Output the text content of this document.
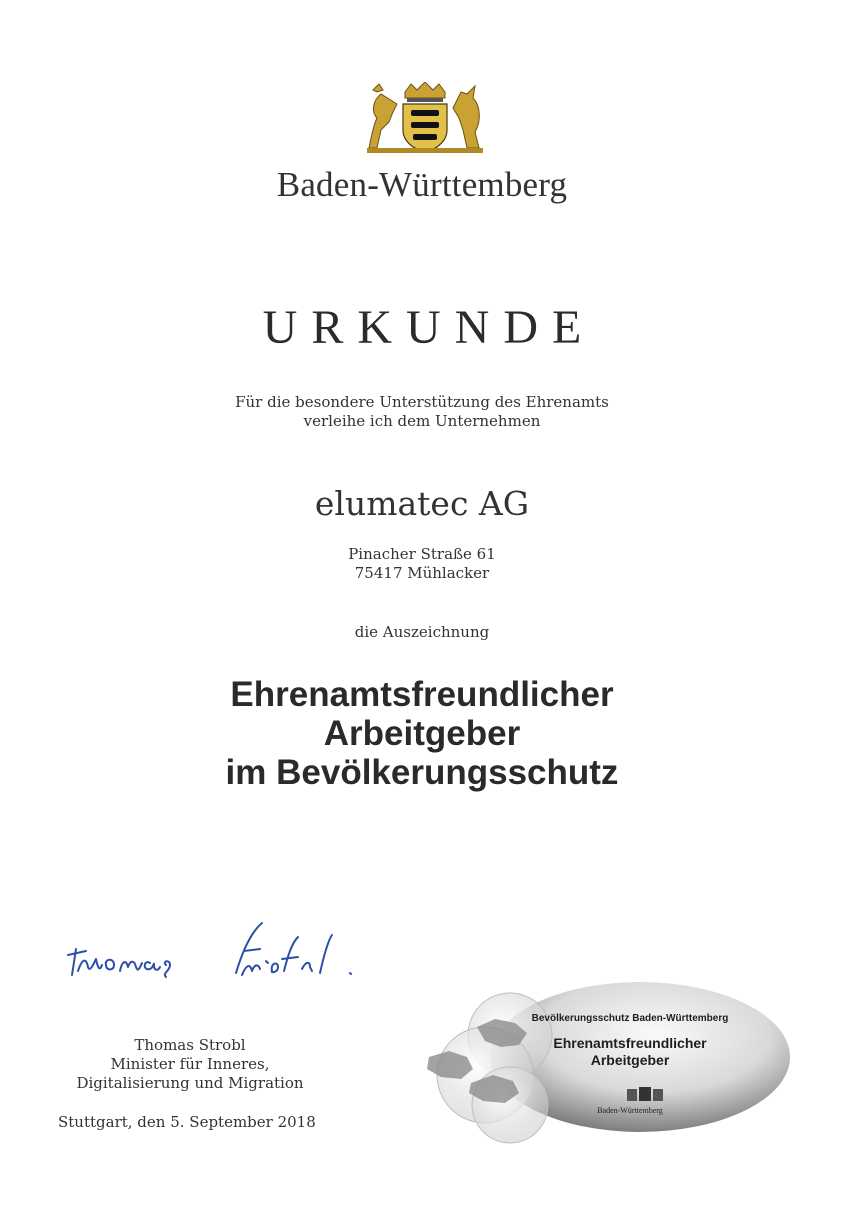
Baden-Württemberg
URKUNDE
Für die besondere Unterstützung des Ehrenamts
verleihe ich dem Unternehmen
elumatec AG
Pinacher Straße 61
75417 Mühlacker
die Auszeichnung
Ehrenamtsfreundlicher
Arbeitgeber
im Bevölkerungsschutz
Thomas Strobl
Minister für Inneres,
Digitalisierung und Migration
Stuttgart, den 5. September 2018
Bevölkerungsschutz Baden-Württemberg
Ehrenamtsfreundlicher
Arbeitgeber
Baden-Württemberg
